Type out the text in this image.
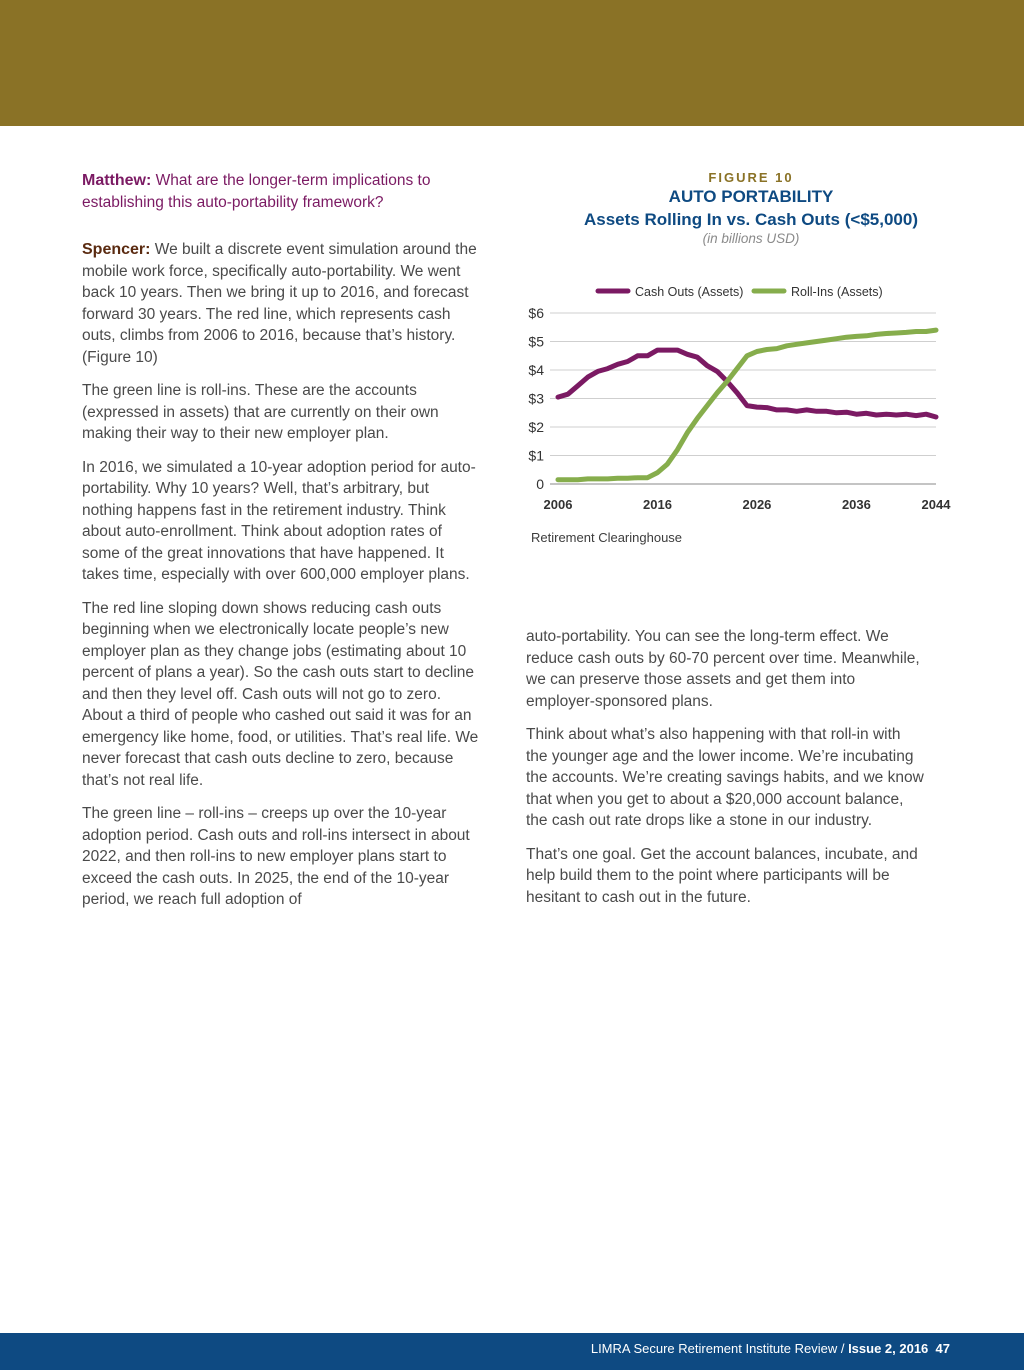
Matthew: What are the longer-term implications to establishing this auto-portability framework?

Spencer: We built a discrete event simulation around the mobile work force, specifically auto-portability. We went back 10 years. Then we bring it up to 2016, and forecast forward 30 years. The red line, which represents cash outs, climbs from 2006 to 2016, because that’s history. (Figure 10)

The green line is roll-ins. These are the accounts (expressed in assets) that are currently on their own making their way to their new employer plan.

In 2016, we simulated a 10-year adoption period for auto-portability. Why 10 years? Well, that’s arbitrary, but nothing happens fast in the retirement industry. Think about auto-enrollment. Think about adoption rates of some of the great innovations that have happened. It takes time, especially with over 600,000 employer plans.

The red line sloping down shows reducing cash outs beginning when we electronically locate people’s new employer plan as they change jobs (estimating about 10 percent of plans a year). So the cash outs start to decline and then they level off. Cash outs will not go to zero. About a third of people who cashed out said it was for an emergency like home, food, or utilities. That’s real life. We never forecast that cash outs decline to zero, because that’s not real life.

The green line – roll-ins – creeps up over the 10-year adoption period. Cash outs and roll-ins intersect in about 2022, and then roll-ins to new employer plans start to exceed the cash outs. In 2025, the end of the 10-year period, we reach full adoption of

FIGURE 10
AUTO PORTABILITY
Assets Rolling In vs. Cash Outs (<$5,000)
(in billions USD)
0
$1
$2
$3
$4
$5
$6
2006	2016	2026	2036	2044
Cash Outs (Assets)	Roll-Ins (Assets)
Retirement Clearinghouse

auto-portability. You can see the long-term effect. We reduce cash outs by 60-70 percent over time. Meanwhile, we can preserve those assets and get them into employer-sponsored plans.

Think about what’s also happening with that roll-in with the younger age and the lower income. We’re incubating the accounts. We’re creating savings habits, and we know that when you get to about a $20,000 account balance, the cash out rate drops like a stone in our industry.

That’s one goal. Get the account balances, incubate, and help build them to the point where participants will be hesitant to cash out in the future.

LIMRA Secure Retirement Institute Review / Issue 2, 2016 47
